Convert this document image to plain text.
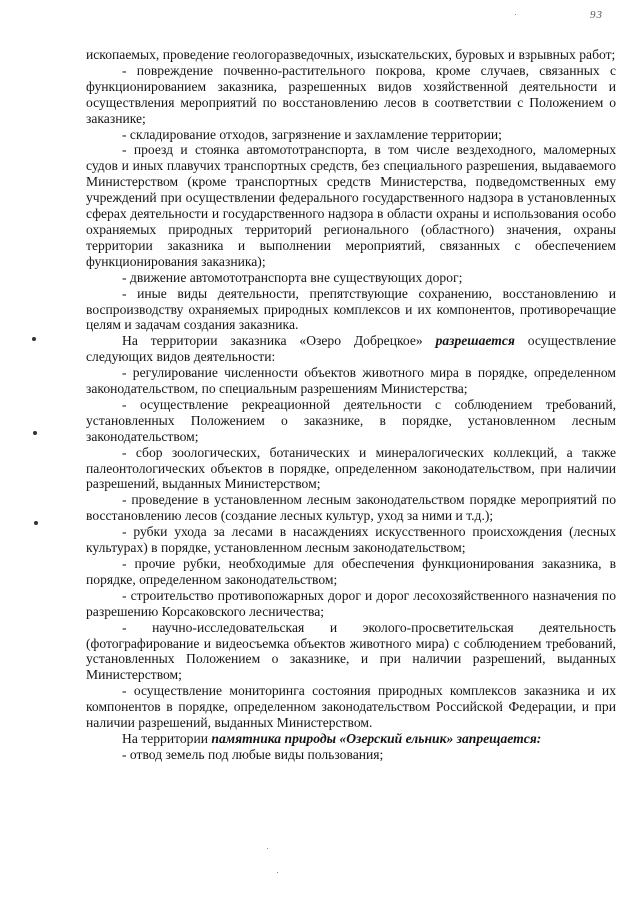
93

ископаемых, проведение геологоразведочных, изыскательских, буровых и взрывных работ;

- повреждение почвенно-растительного покрова, кроме случаев, связанных с функционированием заказника, разрешенных видов хозяйственной деятельности и осуществления мероприятий по восстановлению лесов в соответствии с Положением о заказнике;

- складирование отходов, загрязнение и захламление территории;

- проезд и стоянка автомототранспорта, в том числе вездеходного, маломерных судов и иных плавучих транспортных средств, без специального разрешения, выдаваемого Министерством (кроме транспортных средств Министерства, подведомственных ему учреждений при осуществлении федерального государственного надзора в установленных сферах деятельности и государственного надзора в области охраны и использования особо охраняемых природных территорий регионального (областного) значения, охраны территории заказника и выполнении мероприятий, связанных с обеспечением функционирования заказника);

- движение автомототранспорта вне существующих дорог;

- иные виды деятельности, препятствующие сохранению, восстановлению и воспроизводству охраняемых природных комплексов и их компонентов, противоречащие целям и задачам создания заказника.

На территории заказника «Озеро Добрецкое» разрешается осуществление следующих видов деятельности:

- регулирование численности объектов животного мира в порядке, определенном законодательством, по специальным разрешениям Министерства;

- осуществление рекреационной деятельности с соблюдением требований, установленных Положением о заказнике, в порядке, установленном лесным законодательством;

- сбор зоологических, ботанических и минералогических коллекций, а также палеонтологических объектов в порядке, определенном законодательством, при наличии разрешений, выданных Министерством;

- проведение в установленном лесным законодательством порядке мероприятий по восстановлению лесов (создание лесных культур, уход за ними и т.д.);

- рубки ухода за лесами в насаждениях искусственного происхождения (лесных культурах) в порядке, установленном лесным законодательством;

- прочие рубки, необходимые для обеспечения функционирования заказника, в порядке, определенном законодательством;

- строительство противопожарных дорог и дорог лесохозяйственного назначения по разрешению Корсаковского лесничества;

- научно-исследовательская и эколого-просветительская деятельность (фотографирование и видеосъемка объектов животного мира) с соблюдением требований, установленных Положением о заказнике, и при наличии разрешений, выданных Министерством;

- осуществление мониторинга состояния природных комплексов заказника и их компонентов в порядке, определенном законодательством Российской Федерации, и при наличии разрешений, выданных Министерством.

На территории памятника природы «Озерский ельник» запрещается:

- отвод земель под любые виды пользования;
